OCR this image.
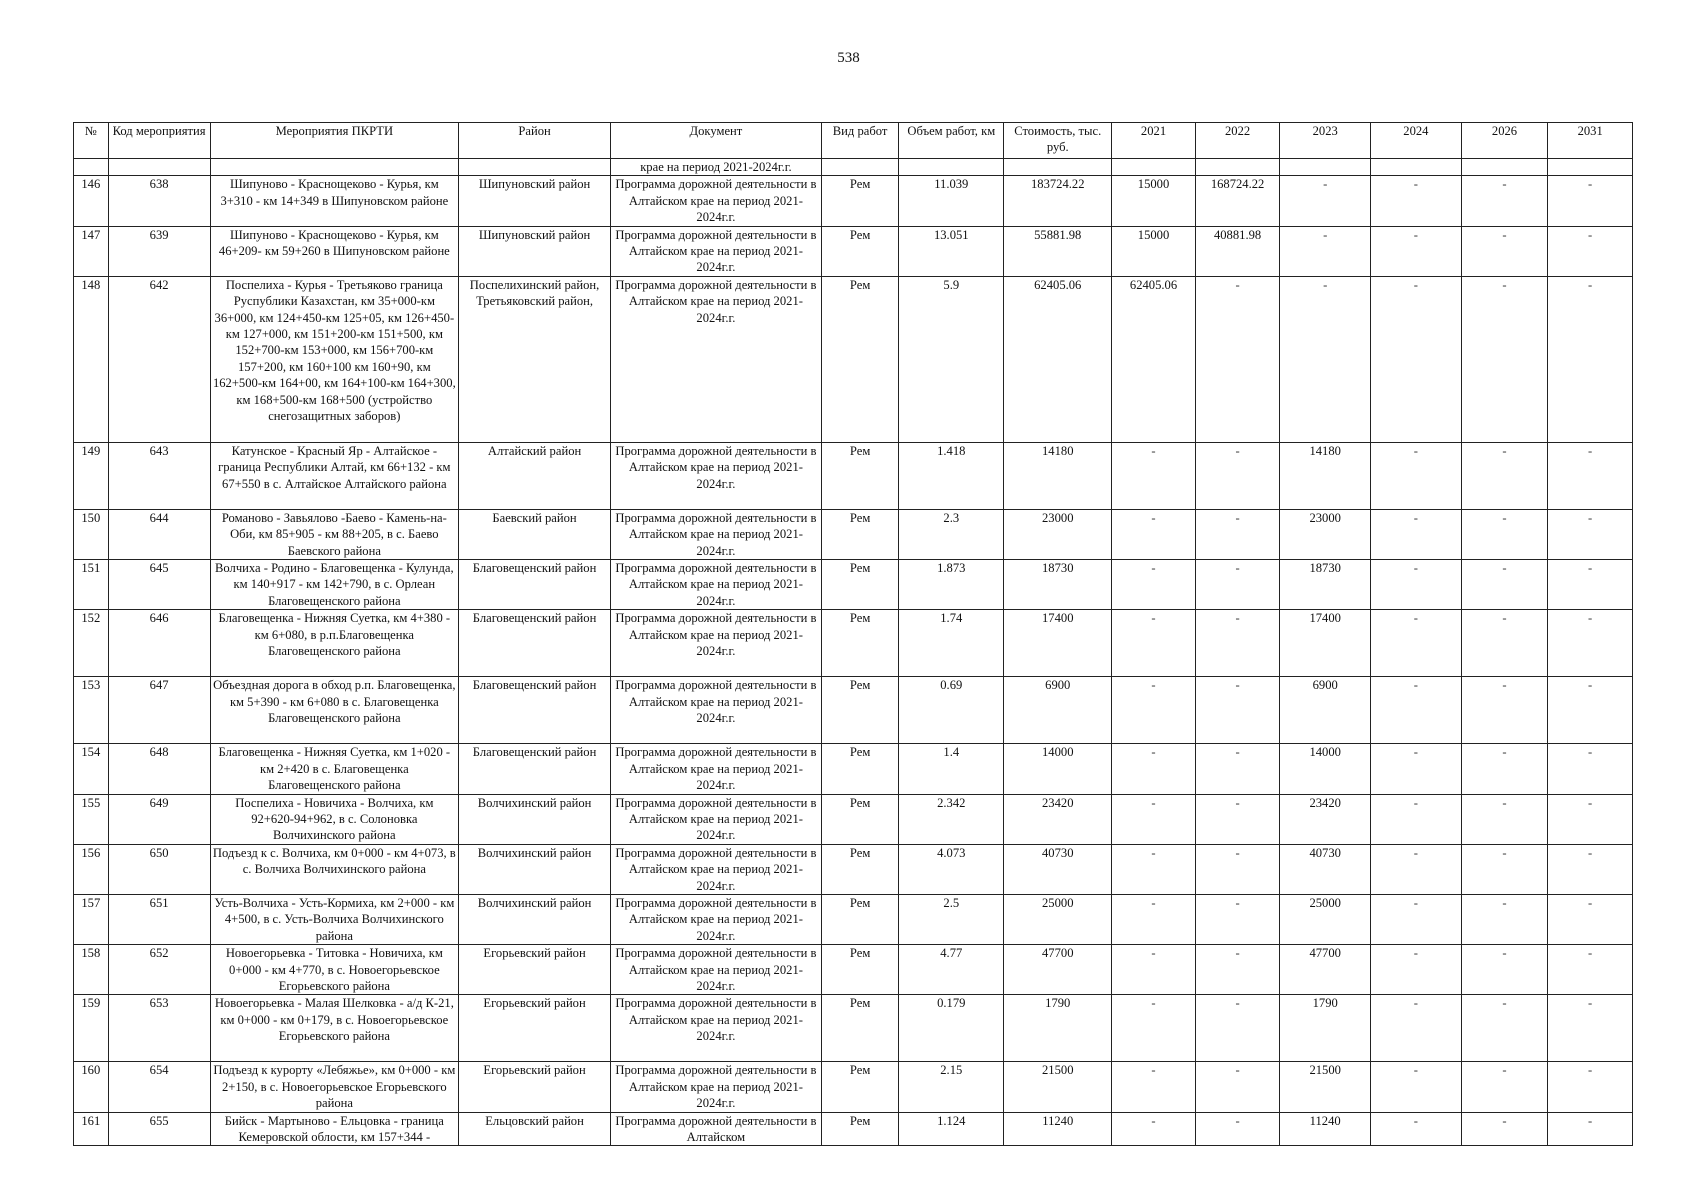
538
№	Код мероприятия	Мероприятия ПКРТИ	Район	Документ	Вид работ	Объем работ, км	Стоимость, тыс. руб.	2021	2022	2023	2024	2026	2031
				крае на период 2021-2024г.г.									
146	638	Шипуново - Краснощеково - Курья, км 3+310 - км 14+349 в Шипуновском районе	Шипуновский район	Программа дорожной деятельности в Алтайском крае на период 2021-2024г.г.	Рем	11.039	183724.22	15000	168724.22	-	-	-	-
147	639	Шипуново - Краснощеково - Курья, км 46+209- км 59+260 в Шипуновском районе	Шипуновский район	Программа дорожной деятельности в Алтайском крае на период 2021-2024г.г.	Рем	13.051	55881.98	15000	40881.98	-	-	-	-
148	642	Поспелиха - Курья - Третьяково граница Руспублики Казахстан, км 35+000-км 36+000, км 124+450-км 125+05, км 126+450-км 127+000, км 151+200-км 151+500, км 152+700-км 153+000, км 156+700-км 157+200, км 160+100 км 160+90, км 162+500-км 164+00, км 164+100-км 164+300, км 168+500-км 168+500 (устройство снегозащитных заборов)	Поспелихинский район, Третьяковский район,	Программа дорожной деятельности в Алтайском крае на период 2021-2024г.г.	Рем	5.9	62405.06	62405.06	-	-	-	-	-
149	643	Катунское - Красный Яр - Алтайское - граница Республики Алтай, км 66+132 - км 67+550 в с. Алтайское Алтайского района	Алтайский район	Программа дорожной деятельности в Алтайском крае на период 2021-2024г.г.	Рем	1.418	14180	-	-	14180	-	-	-
150	644	Романово - Завьялово -Баево - Камень-на-Оби, км 85+905 - км 88+205, в с. Баево Баевского района	Баевский район	Программа дорожной деятельности в Алтайском крае на период 2021-2024г.г.	Рем	2.3	23000	-	-	23000	-	-	-
151	645	Волчиха - Родино - Благовещенка - Кулунда, км 140+917 - км 142+790, в с. Орлеан Благовещенского района	Благовещенский район	Программа дорожной деятельности в Алтайском крае на период 2021-2024г.г.	Рем	1.873	18730	-	-	18730	-	-	-
152	646	Благовещенка - Нижняя Суетка, км 4+380 - км 6+080, в р.п.Благовещенка Благовещенского района	Благовещенский район	Программа дорожной деятельности в Алтайском крае на период 2021-2024г.г.	Рем	1.74	17400	-	-	17400	-	-	-
153	647	Объездная дорога в обход р.п. Благовещенка, км 5+390 - км 6+080 в с. Благовещенка Благовещенского района	Благовещенский район	Программа дорожной деятельности в Алтайском крае на период 2021-2024г.г.	Рем	0.69	6900	-	-	6900	-	-	-
154	648	Благовещенка - Нижняя Суетка, км 1+020 - км 2+420 в с. Благовещенка Благовещенского района	Благовещенский район	Программа дорожной деятельности в Алтайском крае на период 2021-2024г.г.	Рем	1.4	14000	-	-	14000	-	-	-
155	649	Поспелиха - Новичиха - Волчиха, км 92+620-94+962, в с. Солоновка Волчихинского района	Волчихинский район	Программа дорожной деятельности в Алтайском крае на период 2021-2024г.г.	Рем	2.342	23420	-	-	23420	-	-	-
156	650	Подъезд к с. Волчиха, км 0+000 - км 4+073, в с. Волчиха Волчихинского района	Волчихинский район	Программа дорожной деятельности в Алтайском крае на период 2021-2024г.г.	Рем	4.073	40730	-	-	40730	-	-	-
157	651	Усть-Волчиха - Усть-Кормиха, км 2+000 - км 4+500, в с. Усть-Волчиха Волчихинского района	Волчихинский район	Программа дорожной деятельности в Алтайском крае на период 2021-2024г.г.	Рем	2.5	25000	-	-	25000	-	-	-
158	652	Новоегорьевка - Титовка - Новичиха, км 0+000 - км 4+770, в с. Новоегорьевское Егорьевского района	Егорьевский район	Программа дорожной деятельности в Алтайском крае на период 2021-2024г.г.	Рем	4.77	47700	-	-	47700	-	-	-
159	653	Новоегорьевка - Малая Шелковка - а/д К-21, км 0+000 - км 0+179, в с. Новоегорьевское Егорьевского района	Егорьевский район	Программа дорожной деятельности в Алтайском крае на период 2021-2024г.г.	Рем	0.179	1790	-	-	1790	-	-	-
160	654	Подъезд к курорту «Лебяжье», км 0+000 - км 2+150, в с. Новоегорьевское Егорьевского района	Егорьевский район	Программа дорожной деятельности в Алтайском крае на период 2021-2024г.г.	Рем	2.15	21500	-	-	21500	-	-	-
161	655	Бийск - Мартыново - Ельцовка - граница Кемеровской облости, км 157+344 -	Ельцовский район	Программа дорожной деятельности в Алтайском	Рем	1.124	11240	-	-	11240	-	-	-
